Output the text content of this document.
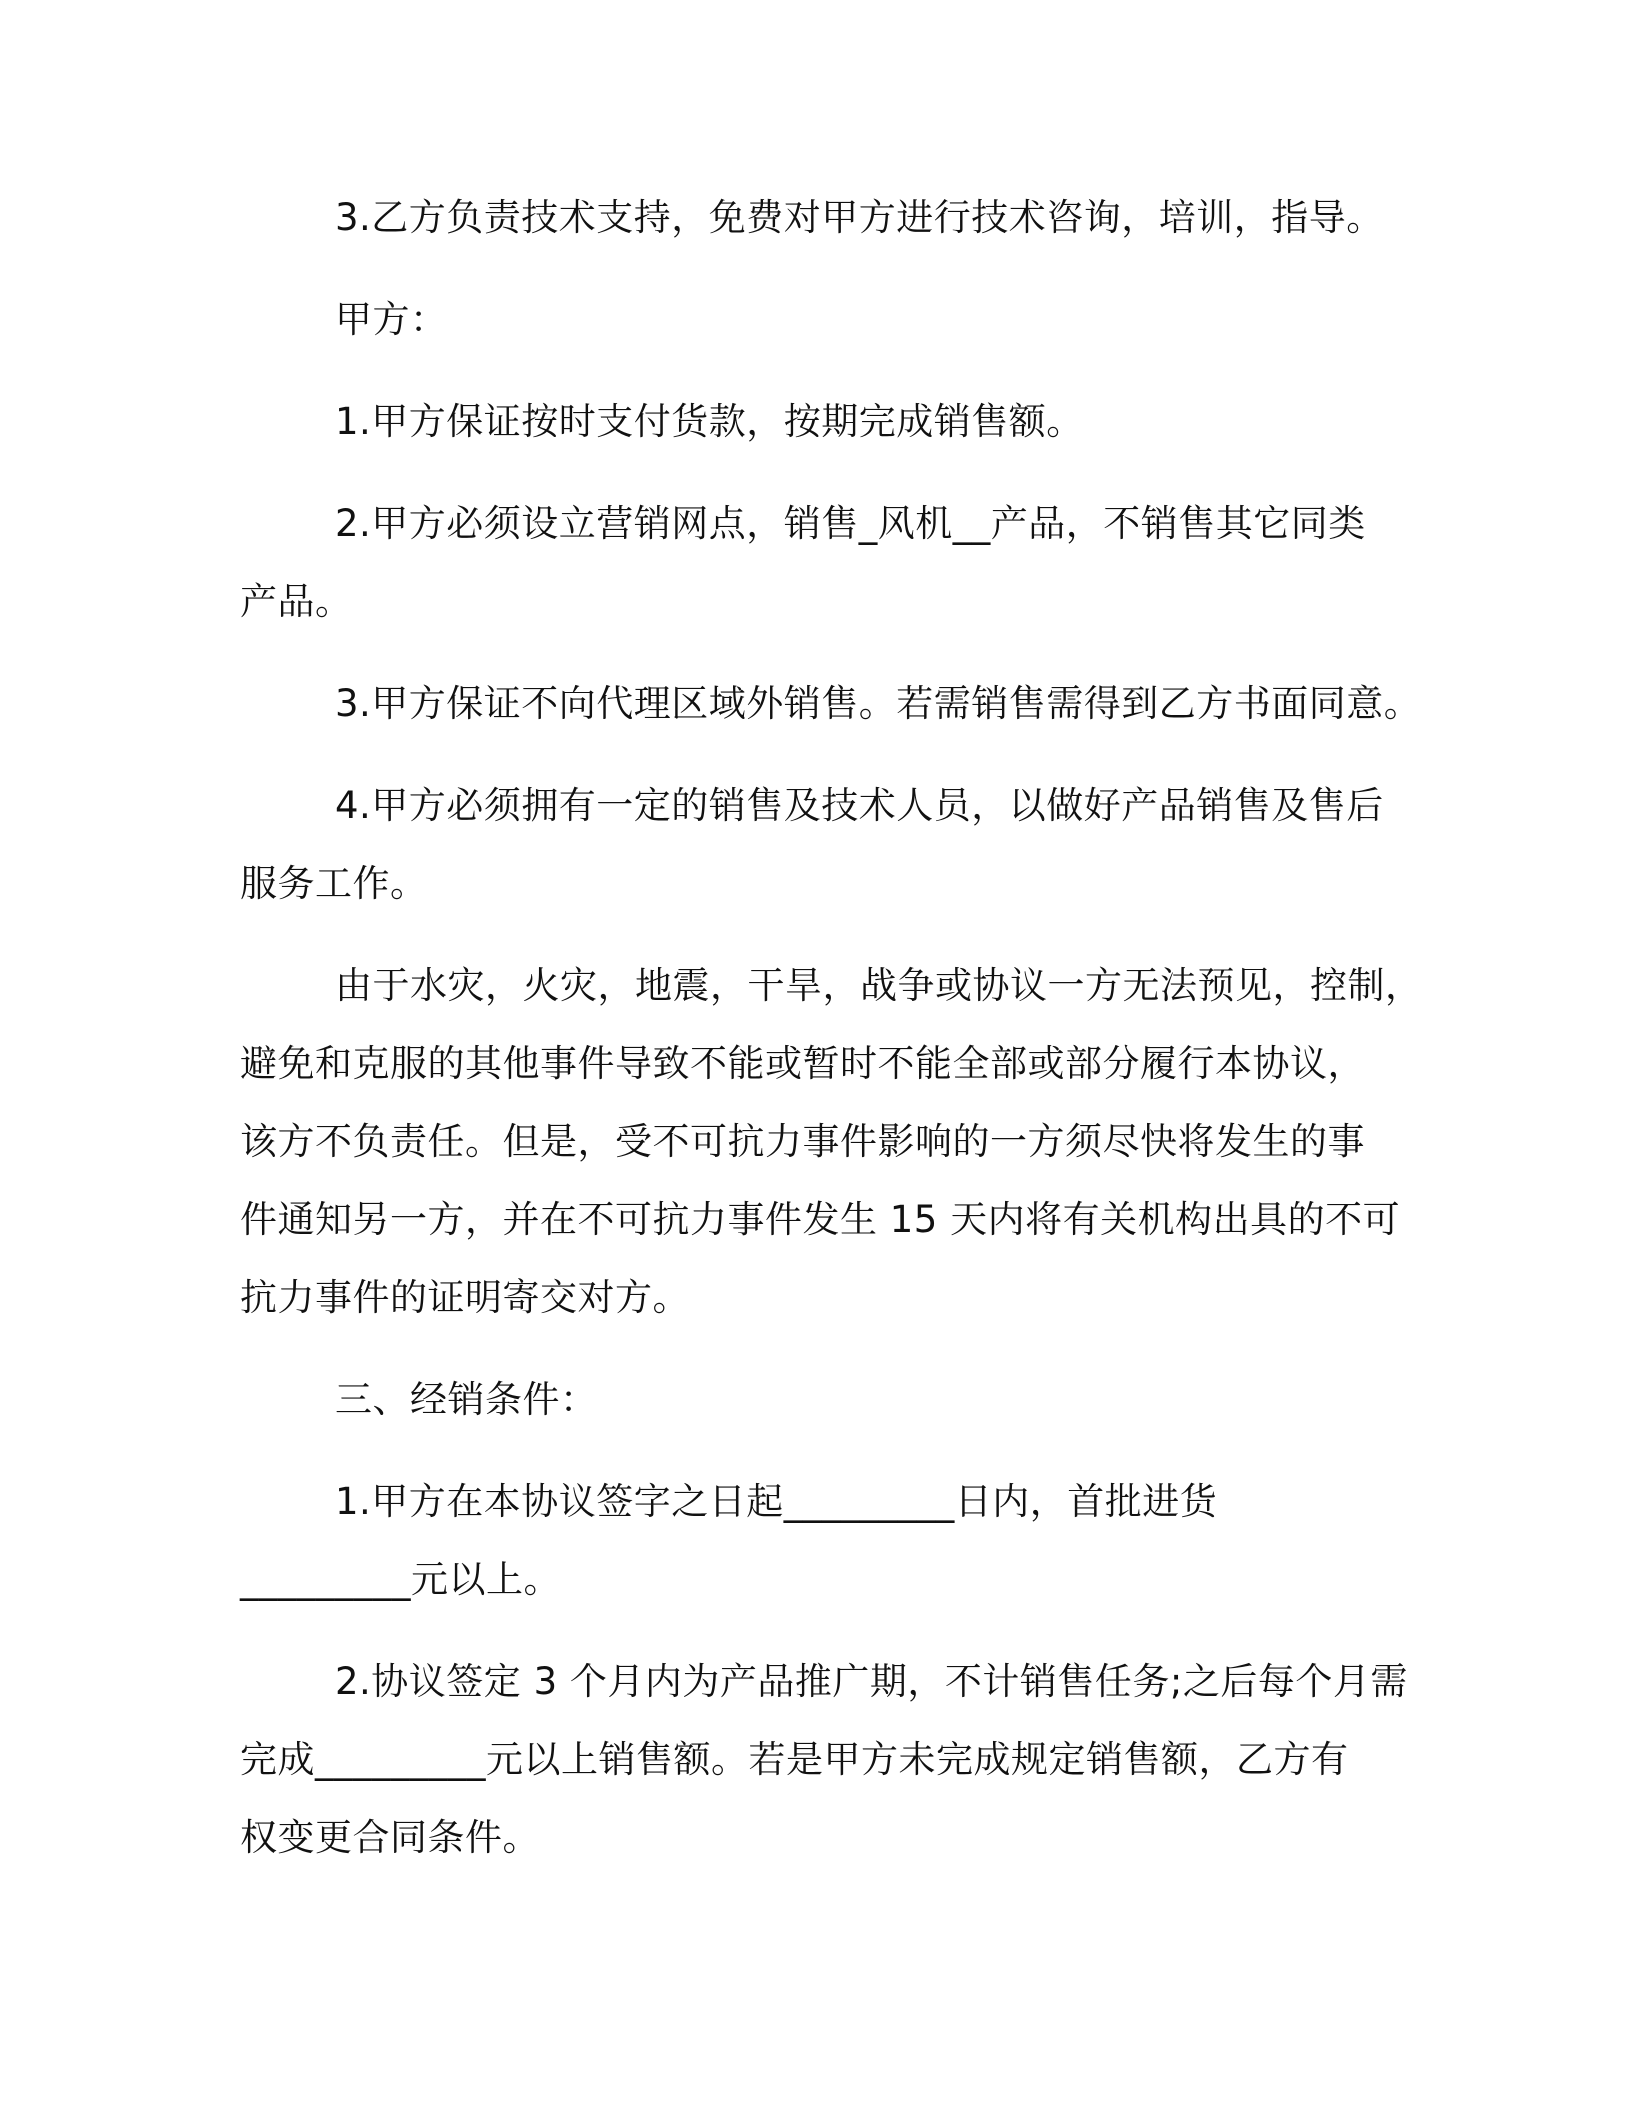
3.乙方负责技术支持，免费对甲方进行技术咨询，培训，指导。
甲方：
1.甲方保证按时支付货款，按期完成销售额。
2.甲方必须设立营销网点，销售_风机__产品，不销售其它同类
产品。
3.甲方保证不向代理区域外销售。若需销售需得到乙方书面同意。
4.甲方必须拥有一定的销售及技术人员，以做好产品销售及售后
服务工作。
由于水灾，火灾，地震，干旱，战争或协议一方无法预见，控制，
避免和克服的其他事件导致不能或暂时不能全部或部分履行本协议，
该方不负责任。但是，受不可抗力事件影响的一方须尽快将发生的事
件通知另一方，并在不可抗力事件发生 15 天内将有关机构出具的不可
抗力事件的证明寄交对方。
三、经销条件：
1.甲方在本协议签字之日起_________日内，首批进货
_________元以上。
2.协议签定 3 个月内为产品推广期，不计销售任务;之后每个月需
完成_________元以上销售额。若是甲方未完成规定销售额，乙方有
权变更合同条件。
